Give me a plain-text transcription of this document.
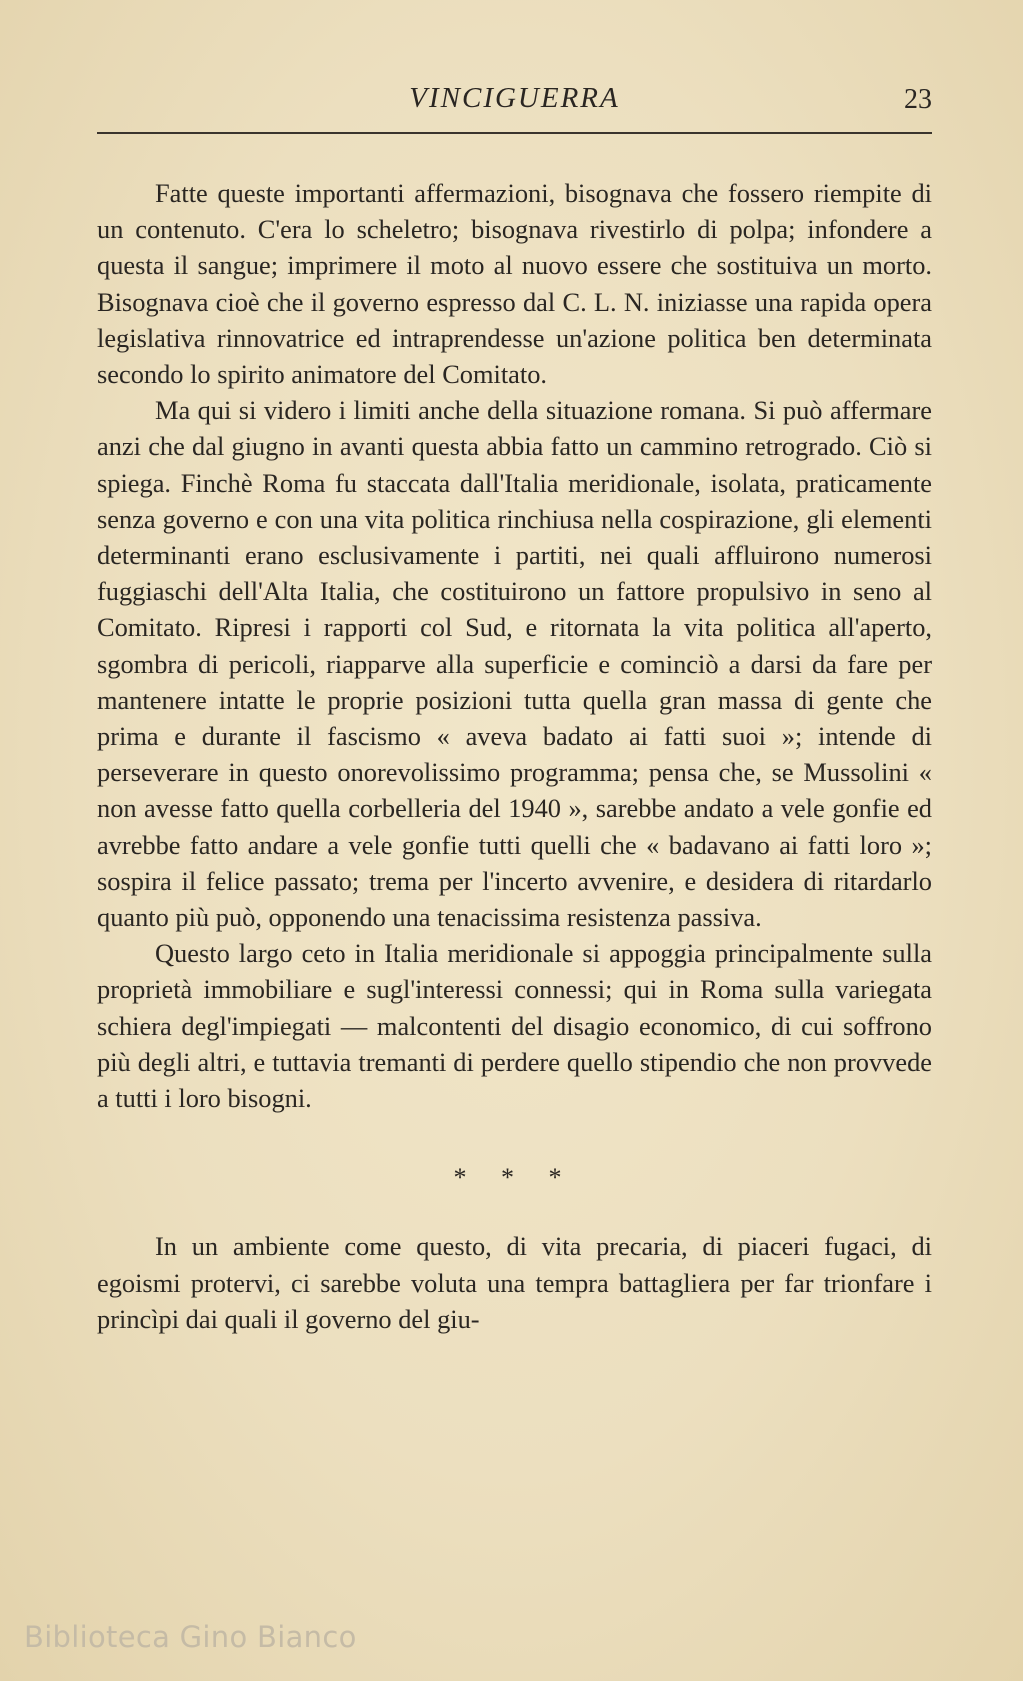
VINCIGUERRA	23

Fatte queste importanti affermazioni, bisognava che fossero riempite di un contenuto. C'era lo scheletro; bisognava rivestirlo di polpa; infondere a questa il sangue; imprimere il moto al nuovo essere che sostituiva un morto. Bisognava cioè che il governo espresso dal C. L. N. iniziasse una rapida opera legislativa rinnovatrice ed intraprendesse un'azione politica ben determinata secondo lo spirito animatore del Comitato.

Ma qui si videro i limiti anche della situazione romana. Si può affermare anzi che dal giugno in avanti questa abbia fatto un cammino retrogrado. Ciò si spiega. Finchè Roma fu staccata dall'Italia meridionale, isolata, praticamente senza governo e con una vita politica rinchiusa nella cospirazione, gli elementi determinanti erano esclusivamente i partiti, nei quali affluirono numerosi fuggiaschi dell'Alta Italia, che costituirono un fattore propulsivo in seno al Comitato. Ripresi i rapporti col Sud, e ritornata la vita politica all'aperto, sgombra di pericoli, riapparve alla superficie e cominciò a darsi da fare per mantenere intatte le proprie posizioni tutta quella gran massa di gente che prima e durante il fascismo « aveva badato ai fatti suoi »; intende di perseverare in questo onorevolissimo programma; pensa che, se Mussolini « non avesse fatto quella corbelleria del 1940 », sarebbe andato a vele gonfie ed avrebbe fatto andare a vele gonfie tutti quelli che « badavano ai fatti loro »; sospira il felice passato; trema per l'incerto avvenire, e desidera di ritardarlo quanto più può, opponendo una tenacissima resistenza passiva.

Questo largo ceto in Italia meridionale si appoggia principalmente sulla proprietà immobiliare e sugl'interessi connessi; qui in Roma sulla variegata schiera degl'impiegati — malcontenti del disagio economico, di cui soffrono più degli altri, e tuttavia tremanti di perdere quello stipendio che non provvede a tutti i loro bisogni.

* * *

In un ambiente come questo, di vita precaria, di piaceri fugaci, di egoismi protervi, ci sarebbe voluta una tempra battagliera per far trionfare i princìpi dai quali il governo del giu-

Biblioteca Gino Bianco
